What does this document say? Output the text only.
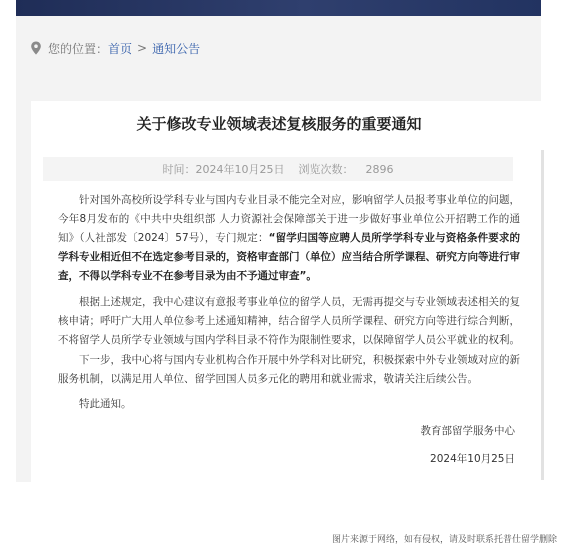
您的位置： 首页 > 通知公告
关于修改专业领域表述复核服务的重要通知
时间： 2024年10月25日 浏览次数： 2896
针对国外高校所设学科专业与国内专业目录不能完全对应，影响留学人员报考事业单位的问题，今年8月发布的《中共中央组织部 人力资源社会保障部关于进一步做好事业单位公开招聘工作的通知》（人社部发〔2024〕57号），专门规定：“留学归国等应聘人员所学学科专业与资格条件要求的学科专业相近但不在选定参考目录的，资格审查部门（单位）应当结合所学课程、研究方向等进行审查，不得以学科专业不在参考目录为由不予通过审查”。
根据上述规定，我中心建议有意报考事业单位的留学人员，无需再提交与专业领域表述相关的复核申请；呼吁广大用人单位参考上述通知精神，结合留学人员所学课程、研究方向等进行综合判断，不将留学人员所学专业领域与国内学科目录不符作为限制性要求，以保障留学人员公平就业的权利。
下一步，我中心将与国内专业机构合作开展中外学科对比研究，积极探索中外专业领域对应的新服务机制，以满足用人单位、留学回国人员多元化的聘用和就业需求，敬请关注后续公告。
特此通知。
教育部留学服务中心
2024年10月25日
图片来源于网络，如有侵权，请及时联系托普仕留学删除
